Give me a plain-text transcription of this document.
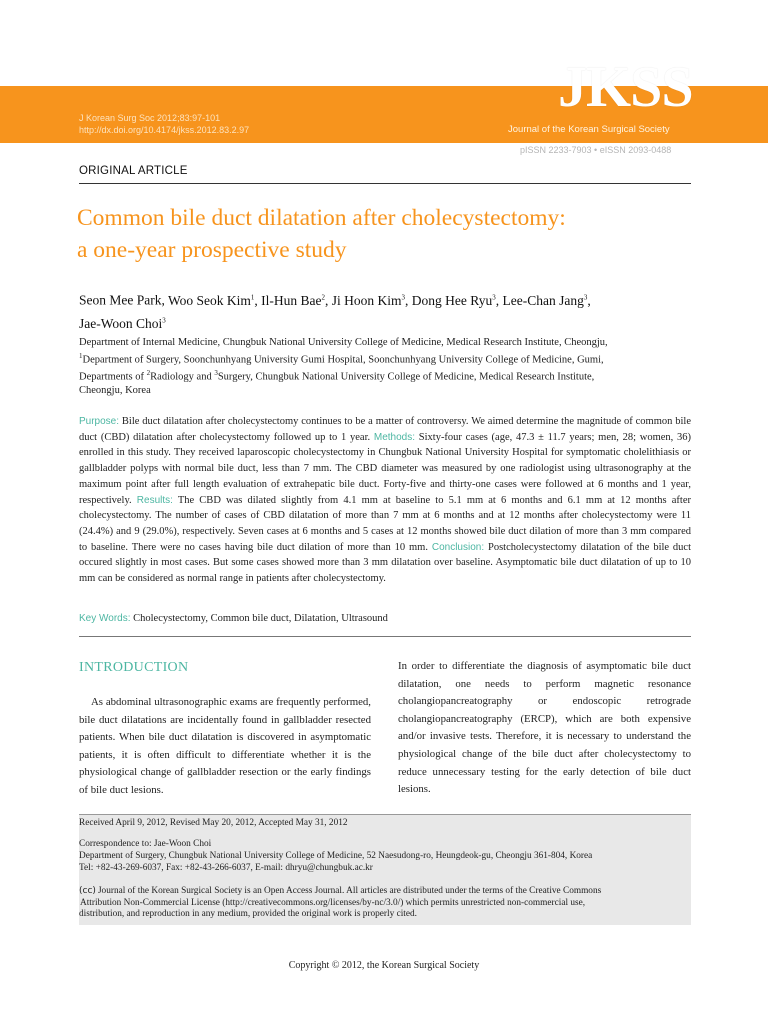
J Korean Surg Soc 2012;83:97-101
http://dx.doi.org/10.4174/jkss.2012.83.2.97
JKSS
Journal of the Korean Surgical Society
pISSN 2233-7903 • eISSN 2093-0488
ORIGINAL ARTICLE
Common bile duct dilatation after cholecystectomy:
a one-year prospective study
Seon Mee Park, Woo Seok Kim$^1$, Il-Hun Bae$^2$, Ji Hoon Kim$^3$, Dong Hee Ryu$^3$, Lee-Chan Jang$^3$,
Jae-Woon Choi$^3$
Department of Internal Medicine, Chungbuk National University College of Medicine, Medical Research Institute, Cheongju,
$^1$Department of Surgery, Soonchunhyang University Gumi Hospital, Soonchunhyang University College of Medicine, Gumi,
Departments of $^2$Radiology and $^3$Surgery, Chungbuk National University College of Medicine, Medical Research Institute,
Cheongju, Korea
Purpose: Bile duct dilatation after cholecystectomy continues to be a matter of controversy. We aimed determine the magnitude of common bile duct (CBD) dilatation after cholecystectomy followed up to 1 year. Methods: Sixty-four cases (age, 47.3 ± 11.7 years; men, 28; women, 36) enrolled in this study. They received laparoscopic cholecystectomy in Chungbuk National University Hospital for symptomatic cholelithiasis or gallbladder polyps with normal bile duct, less than 7 mm. The CBD diameter was measured by one radiologist using ultrasonography at the maximum point after full length evaluation of extrahepatic bile duct. Forty-five and thirty-one cases were followed at 6 months and 1 year, respectively. Results: The CBD was dilated slightly from 4.1 mm at baseline to 5.1 mm at 6 months and 6.1 mm at 12 months after cholecystectomy. The number of cases of CBD dilatation of more than 7 mm at 6 months and at 12 months after cholecystectomy were 11 (24.4%) and 9 (29.0%), respectively. Seven cases at 6 months and 5 cases at 12 months showed bile duct dilation of more than 3 mm compared to baseline. There were no cases having bile duct dilation of more than 10 mm. Conclusion: Postcholecystectomy dilatation of the bile duct occured slightly in most cases. But some cases showed more than 3 mm dilatation over baseline. Asymptomatic bile duct dilatation of up to 10 mm can be considered as normal range in patients after cholecystectomy.
Key Words: Cholecystectomy, Common bile duct, Dilatation, Ultrasound
INTRODUCTION
As abdominal ultrasonographic exams are frequently performed, bile duct dilatations are incidentally found in gallbladder resected patients. When bile duct dilatation is discovered in asymptomatic patients, it is often difficult to differentiate whether it is the physiological change of gallbladder resection or the early findings of bile duct lesions.
In order to differentiate the diagnosis of asymptomatic bile duct dilatation, one needs to perform magnetic resonance cholangiopancreatography or endoscopic retrograde cholangiopancreatography (ERCP), which are both expensive and/or invasive tests. Therefore, it is necessary to understand the physiological change of the bile duct after cholecystectomy to reduce unnecessary testing for the early detection of bile duct lesions.
Received April 9, 2012, Revised May 20, 2012, Accepted May 31, 2012
Correspondence to: Jae-Woon Choi
Department of Surgery, Chungbuk National University College of Medicine, 52 Naesudong-ro, Heungdeok-gu, Cheongju 361-804, Korea
Tel: +82-43-269-6037, Fax: +82-43-266-6037, E-mail: dhryu@chungbuk.ac.kr
(cc) Journal of the Korean Surgical Society is an Open Access Journal. All articles are distributed under the terms of the Creative Commons
Attribution Non-Commercial License (http://creativecommons.org/licenses/by-nc/3.0/) which permits unrestricted non-commercial use,
distribution, and reproduction in any medium, provided the original work is properly cited.
Copyright © 2012, the Korean Surgical Society
